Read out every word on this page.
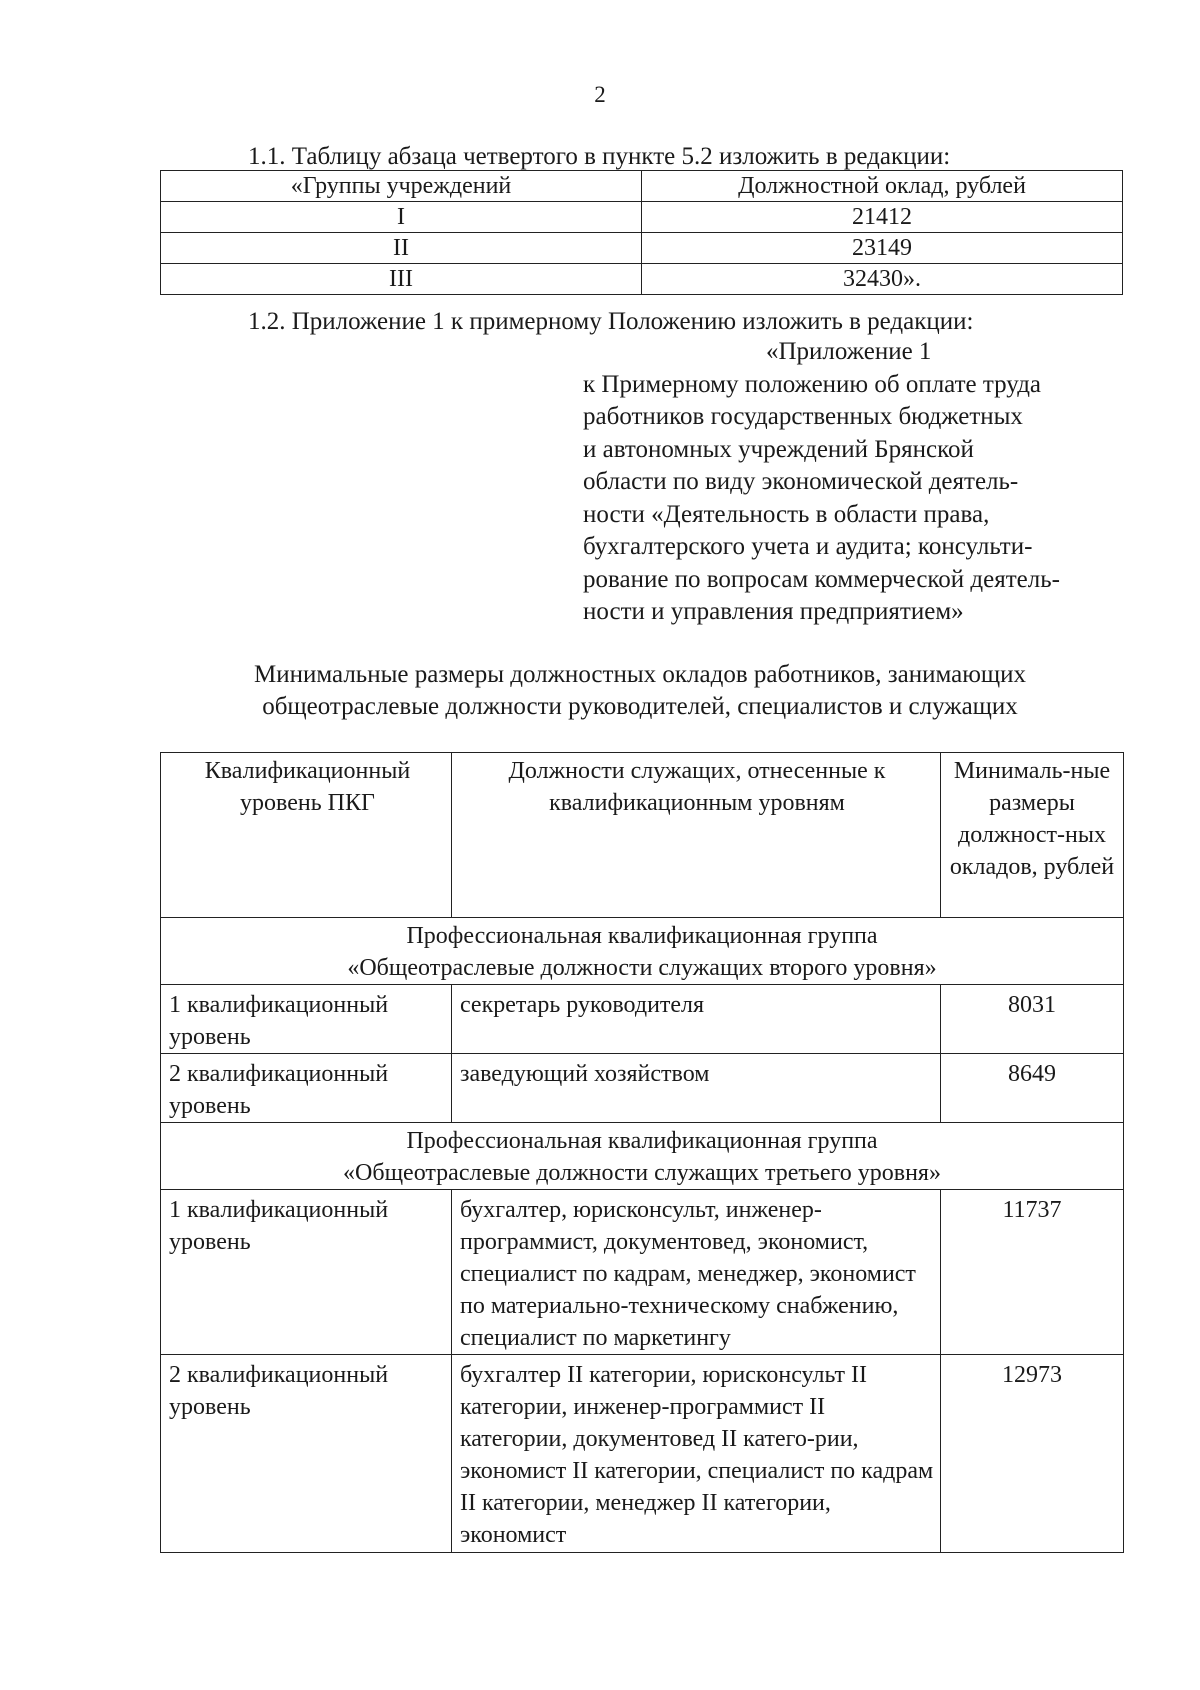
2
1.1. Таблицу абзаца четвертого в пункте 5.2 изложить в редакции:
«Группы учреждений	Должностной оклад, рублей
I	21412
II	23149
III	32430».
1.2. Приложение 1 к примерному Положению изложить в редакции:
«Приложение 1
к Примерному положению об оплате труда
работников государственных бюджетных
и автономных учреждений Брянской
области по виду экономической деятель-
ности «Деятельность в области права,
бухгалтерского учета и аудита; консульти-
рование по вопросам коммерческой деятель-
ности и управления предприятием»
Минимальные размеры должностных окладов работников, занимающих
общеотраслевые должности руководителей, специалистов и служащих
Квалификационный уровень ПКГ	Должности служащих, отнесенные к квалификационным уровням	Минималь-ные размеры должност-ных окладов, рублей

Профессиональная квалификационная группа
«Общеотраслевые должности служащих второго уровня»		

1 квалификационный уровень	секретарь руководителя	8031
2 квалификационный уровень	заведующий хозяйством	8649

Профессиональная квалификационная группа
«Общеотраслевые должности служащих третьего уровня»		

1 квалификационный уровень	бухгалтер, юрисконсульт, инженер-программист, документовед, экономист, специалист по кадрам, менеджер, экономист по материально-техническому снабжению, специалист по маркетингу	11737
2 квалификационный уровень	бухгалтер II категории, юрисконсульт II категории, инженер-программист II категории, документовед II катего-рии, экономист II категории, специалист по кадрам II категории, менеджер II категории, экономист	12973
